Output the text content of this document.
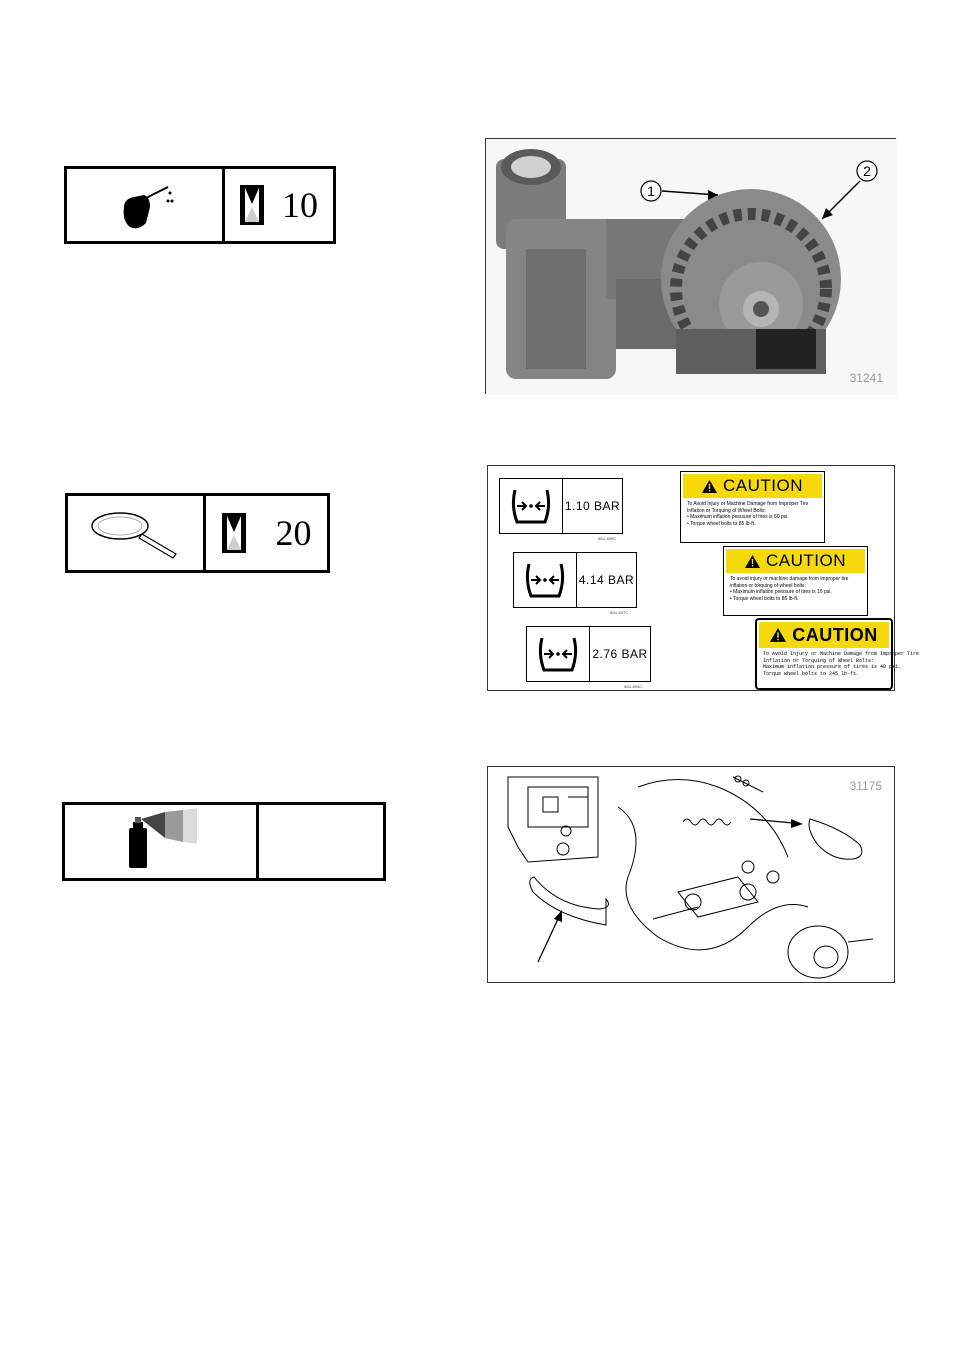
10	1
2
31241
20
1.10 BAR
86U-899C
4.14 BAR
86U-897C
2.76 BAR
86U-898C
CAUTION
To Avoid Injury or Machine Damage from Improper Tire
Inflation or Torquing of Wheel Bolts:
• Maximum inflation pressure of tires is 60 psi.
• Torque wheel bolts to 85 lb-ft.
CAUTION
To avoid injury or machine damage from improper tire
inflation or torquing of wheel bolts:
• Maximum inflation pressure of tires is 16 psi.
• Torque wheel bolts to 85 lb-ft.
CAUTION
To Avoid Injury or Machine Damage from Improper Tire
Inflation or Torquing of Wheel Bolts:
Maximum inflation pressure of tires is 40 psi.
Torque wheel bolts to 245 lb-ft.
31175
